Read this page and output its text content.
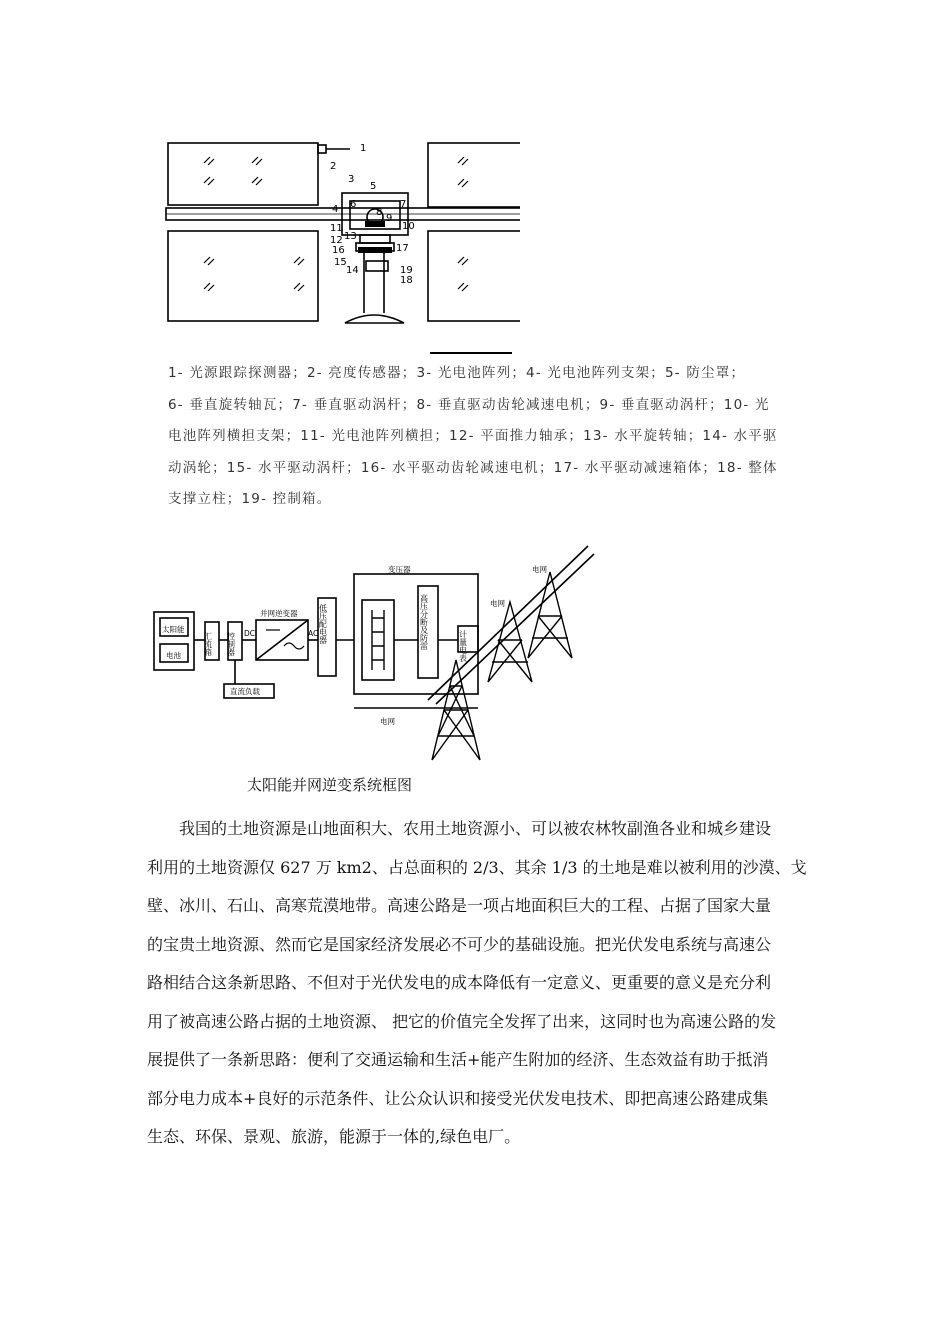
1
2
3
4
5
6	7
8
9
10
11
12 13
14
15
16	17
18
19
1- 光源跟踪探测器；2- 亮度传感器；3- 光电池阵列；4- 光电池阵列支架；5- 防尘罩；
6- 垂直旋转轴瓦；7- 垂直驱动涡杆；8- 垂直驱动齿轮减速电机；9- 垂直驱动涡杆；10- 光
电池阵列横担支架；11- 光电池阵列横担；12- 平面推力轴承；13- 水平旋转轴；14- 水平驱
动涡轮；15- 水平驱动涡杆；16- 水平驱动齿轮减速电机；17- 水平驱动减速箱体；18- 整体
支撑立柱；19- 控制箱。
太阳能
电池
并网逆变器
DC	AC
变压器
直流负载
电网
电网
电网
汇流箱 控制器	低压配电器	高压分断及防雷	计量电表
太阳能并网逆变系统框图
我国的土地资源是山地面积大、农用土地资源小、可以被农林牧副渔各业和城乡建设
利用的土地资源仅 627 万 km2、占总面积的 2/3、其余 1/3 的土地是难以被利用的沙漠、戈
壁、冰川、石山、高寒荒漠地带。高速公路是一项占地面积巨大的工程、占据了国家大量
的宝贵土地资源、然而它是国家经济发展必不可少的基础设施。把光伏发电系统与高速公
路相结合这条新思路、不但对于光伏发电的成本降低有一定意义、更重要的意义是充分利
用了被高速公路占据的土地资源、 把它的价值完全发挥了出来，这同时也为高速公路的发
展提供了一条新思路：便利了交通运输和生活+能产生附加的经济、生态效益有助于抵消
部分电力成本+良好的示范条件、让公众认识和接受光伏发电技术、即把高速公路建成集
生态、环保、景观、旅游，能源于一体的,绿色电厂。
